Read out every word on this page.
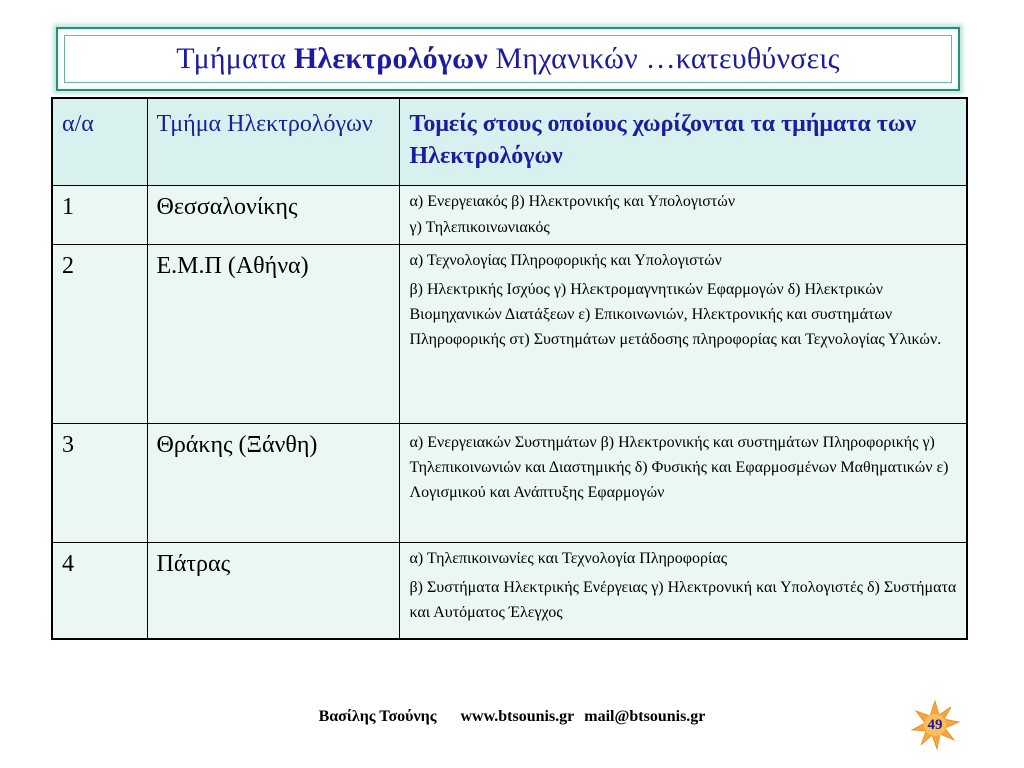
Τμήματα Ηλεκτρολόγων Μηχανικών …κατευθύνσεις
α/α	Τμήμα Ηλεκτρολόγων	Τομείς στους οποίους χωρίζονται τα τμήματα των Ηλεκτρολόγων

1	Θεσσαλονίκης	α) Ενεργειακός β) Ηλεκτρονικής και Υπολογιστών
γ) Τηλεπικοινωνιακός

2	Ε.Μ.Π (Αθήνα)	α) Τεχνολογίας Πληροφορικής και Υπολογιστών
β) Ηλεκτρικής Ισχύος γ) Ηλεκτρομαγνητικών Εφαρμογών δ) Ηλεκτρικών Βιομηχανικών Διατάξεων ε) Επικοινωνιών, Ηλεκτρονικής και συστημάτων Πληροφορικής στ) Συστημάτων μετάδοσης πληροφορίας και Τεχνολογίας Υλικών.

3	Θράκης (Ξάνθη)	α) Ενεργειακών Συστημάτων β) Ηλεκτρονικής και συστημάτων Πληροφορικής γ) Τηλεπικοινωνιών και Διαστημικής δ) Φυσικής και Εφαρμοσμένων Μαθηματικών ε) Λογισμικού και Ανάπτυξης Εφαρμογών

4	Πάτρας	α) Τηλεπικοινωνίες και Τεχνολογία Πληροφορίας
β) Συστήματα Ηλεκτρικής Ενέργειας γ) Ηλεκτρονική και Υπολογιστές δ) Συστήματα και Αυτόματος Έλεγχος
Βασίλης Τσούνης www.btsounis.gr mail@btsounis.gr	49
